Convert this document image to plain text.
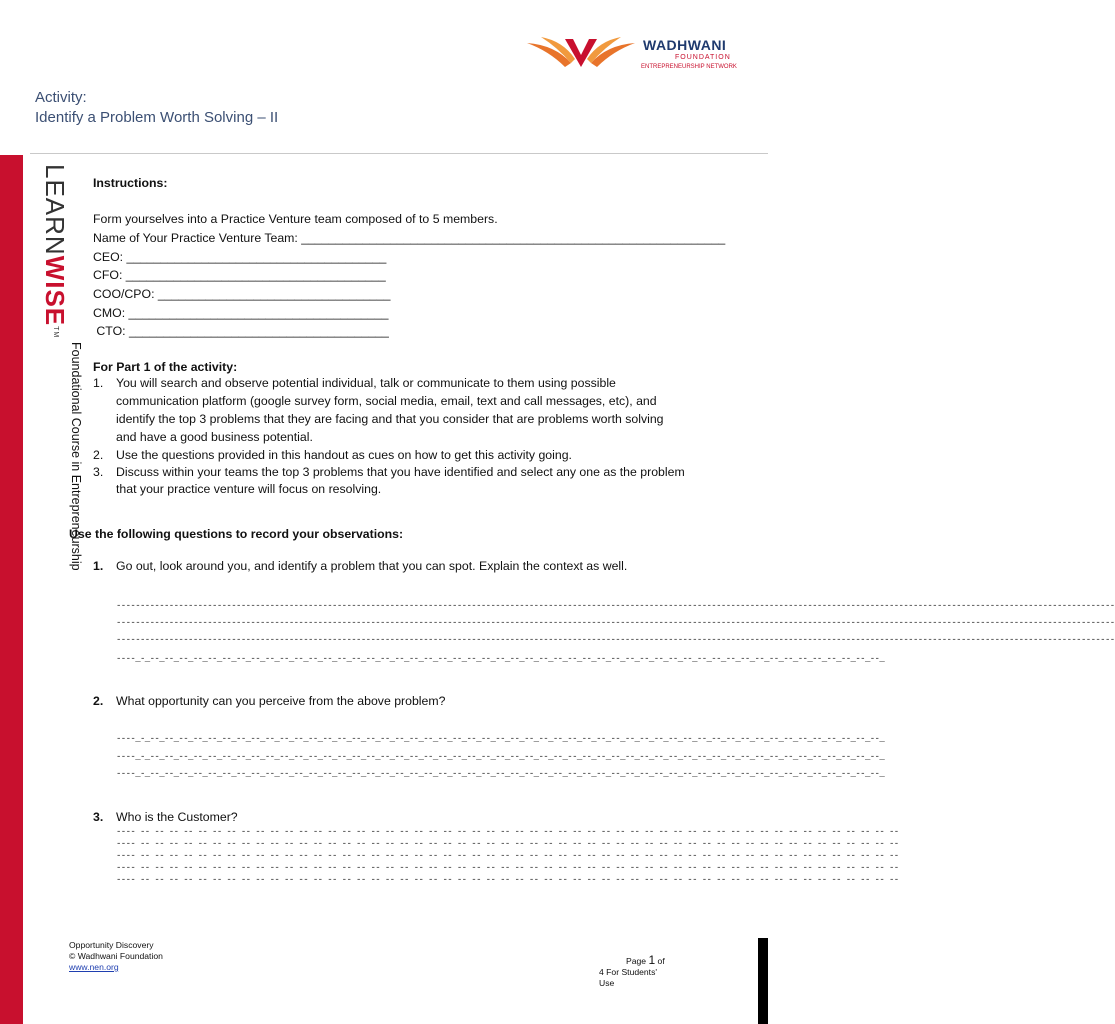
WADHWANI
FOUNDATION
ENTREPRENEURSHIP NETWORK
Activity:
Identify a Problem Worth Solving – II
LEARNWISE™
Foundational Course in Entrepreneurship
Instructions:
Form yourselves into a Practice Venture team composed of to 5 members.
Name of Your Practice Venture Team: ______________________________________________________________
CEO: ______________________________________
CFO: ______________________________________
COO/CPO: __________________________________
CMO: ______________________________________
CTO: ______________________________________
For Part 1 of the activity:
1. You will search and observe potential individual, talk or communicate to them using possible
communication platform (google survey form, social media, email, text and call messages, etc), and
identify the top 3 problems that they are facing and that you consider that are problems worth solving
and have a good business potential.
2. Use the questions provided in this handout as cues on how to get this activity going.
3. Discuss within your teams the top 3 problems that you have identified and select any one as the problem
that your practice venture will focus on resolving.
Use the following questions to record your observations:
1. Go out, look around you, and identify a problem that you can spot. Explain the context as well.
----------------------------------------------------------------------------------------------------------------------------------------------------------------------------------------------------------------
----------------------------------------------------------------------------------------------------------------------------------------------------------------------------------------------------------------
----------------------------------------------------------------------------------------------------------------------------------------------------------------------------------------------------------------
----_-_--_--_--_--_--_--_--_--_--_--_--_--_--_--_--_--_--_--_--_--_--_--_--_--_--_--_--_--_--_--_--_--_--_--_--_--_--_--_--_--_--_--_--_--_--_--_--_--_--_--_--_
2. What opportunity can you perceive from the above problem?
----_-_--_--_--_--_--_--_--_--_--_--_--_--_--_--_--_--_--_--_--_--_--_--_--_--_--_--_--_--_--_--_--_--_--_--_--_--_--_--_--_--_--_--_--_--_--_--_--_--_--_--_--_
----_-_--_--_--_--_--_--_--_--_--_--_--_--_--_--_--_--_--_--_--_--_--_--_--_--_--_--_--_--_--_--_--_--_--_--_--_--_--_--_--_--_--_--_--_--_--_--_--_--_--_--_--_
----_-_--_--_--_--_--_--_--_--_--_--_--_--_--_--_--_--_--_--_--_--_--_--_--_--_--_--_--_--_--_--_--_--_--_--_--_--_--_--_--_--_--_--_--_--_--_--_--_--_--_--_--_
3. Who is the Customer?
---- -- -- -- -- -- -- -- -- -- -- -- -- -- -- -- -- -- -- -- -- -- -- -- -- -- -- -- -- -- -- -- -- -- -- -- -- -- -- -- -- -- -- -- -- -- -- -- -- -- -- -- -- --
---- -- -- -- -- -- -- -- -- -- -- -- -- -- -- -- -- -- -- -- -- -- -- -- -- -- -- -- -- -- -- -- -- -- -- -- -- -- -- -- -- -- -- -- -- -- -- -- -- -- -- -- -- --
---- -- -- -- -- -- -- -- -- -- -- -- -- -- -- -- -- -- -- -- -- -- -- -- -- -- -- -- -- -- -- -- -- -- -- -- -- -- -- -- -- -- -- -- -- -- -- -- -- -- -- -- -- --
---- -- -- -- -- -- -- -- -- -- -- -- -- -- -- -- -- -- -- -- -- -- -- -- -- -- -- -- -- -- -- -- -- -- -- -- -- -- -- -- -- -- -- -- -- -- -- -- -- -- -- -- -- --
---- -- -- -- -- -- -- -- -- -- -- -- -- -- -- -- -- -- -- -- -- -- -- -- -- -- -- -- -- -- -- -- -- -- -- -- -- -- -- -- -- -- -- -- -- -- -- -- -- -- -- -- -- --
Opportunity Discovery
© Wadhwani Foundation
www.nen.org
Page 1 of
4 For Students'
Use
